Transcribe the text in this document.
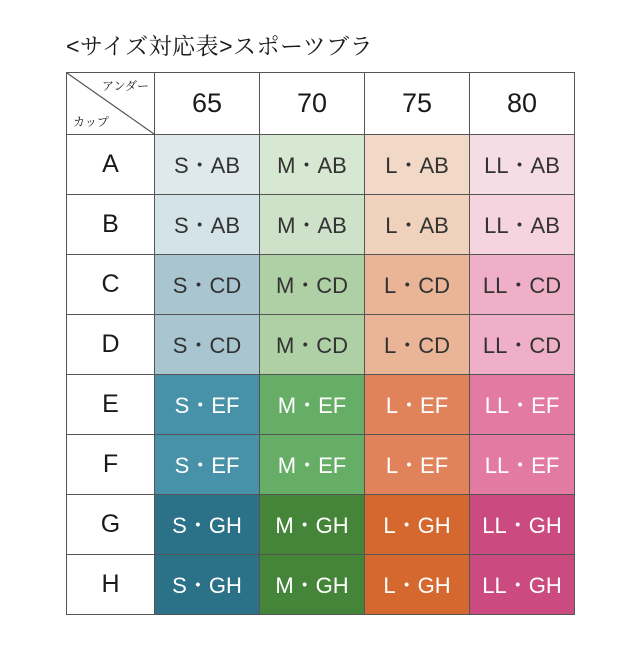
<サイズ対応表>スポーツブラ
アンダー
カップ	65	70	75	80
A	S・AB	M・AB	L・AB	LL・AB
B	S・AB	M・AB	L・AB	LL・AB
C	S・CD	M・CD	L・CD	LL・CD
D	S・CD	M・CD	L・CD	LL・CD
E	S・EF	M・EF	L・EF	LL・EF
F	S・EF	M・EF	L・EF	LL・EF
G	S・GH	M・GH	L・GH	LL・GH
H	S・GH	M・GH	L・GH	LL・GH
